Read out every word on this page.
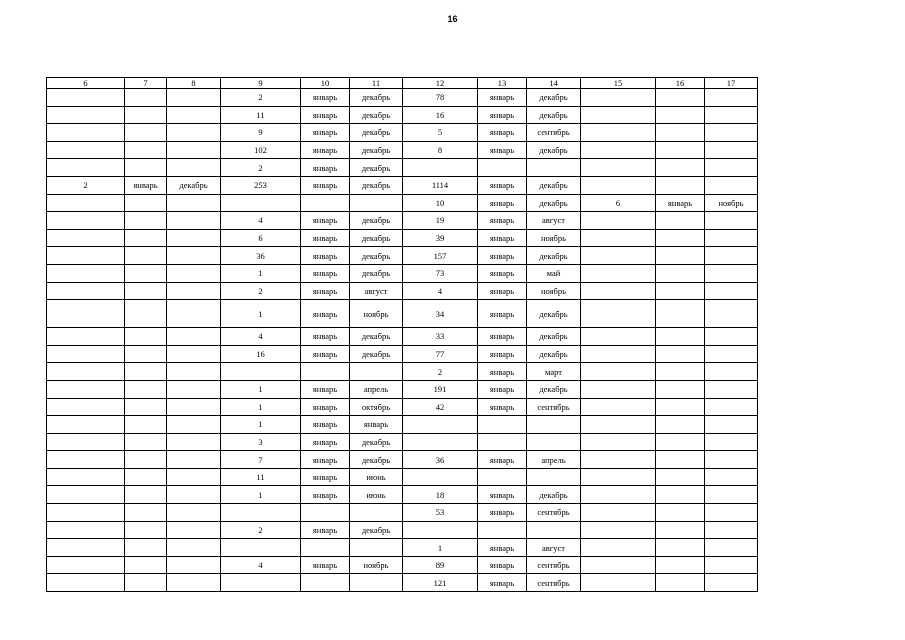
16
6	7	8	9	10	11	12	13	14	15	16	17
			2	январь	декабрь	78	январь	декабрь			
			11	январь	декабрь	16	январь	декабрь			
			9	январь	декабрь	5	январь	сентябрь			
			102	январь	декабрь	8	январь	декабрь			
			2	январь	декабрь						
2	январь	декабрь	253	январь	декабрь	1114	январь	декабрь			
						10	январь	декабрь	6	январь	ноябрь
			4	январь	декабрь	19	январь	август			
			6	январь	декабрь	39	январь	ноябрь			
			36	январь	декабрь	157	январь	декабрь			
			1	январь	декабрь	73	январь	май			
			2	январь	август	4	январь	ноябрь			
			1	январь	ноябрь	34	январь	декабрь			
			4	январь	декабрь	33	январь	декабрь			
			16	январь	декабрь	77	январь	декабрь			
						2	январь	март			
			1	январь	апрель	191	январь	декабрь			
			1	январь	октябрь	42	январь	сентябрь			
			1	январь	январь						
			3	январь	декабрь						
			7	январь	декабрь	36	январь	апрель			
			11	январь	июнь						
			1	январь	июнь	18	январь	декабрь			
						53	январь	сентябрь			
			2	январь	декабрь						
						1	январь	август			
			4	январь	ноябрь	89	январь	сентябрь			
						121	январь	сентябрь			
